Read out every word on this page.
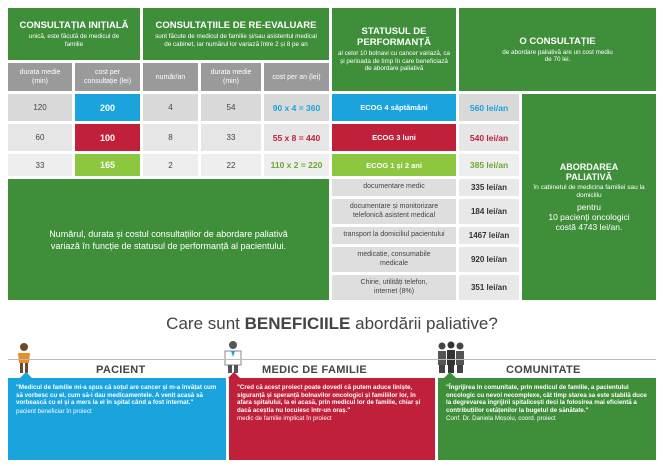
CONSULTAȚIA INIȚIALĂ
unică, este făcută de medicul de familie
CONSULTAȚIILE DE RE-EVALUARE
sunt făcute de medicul de familie și/sau asistentul medical de cabinet, iar numărul lor variază între 2 și 8 pe an
STATUSUL DE PERFORMANȚĂ
al celor 10 bolnavi cu cancer variază, ca și perioada de timp în care beneficiază de abordare paliativă
O CONSULTAȚIE
de abordare paliativă are un cost mediu de 70 lei.
durata medie (min)
cost per consultație (lei)
număr/an
durata medie (min)
cost per an (lei)
120	200	4	54	90 x 4 = 360	ECOG 4 săptămâni	560 lei/an
60	100	8	33	55 x 8 = 440	ECOG 3 luni	540 lei/an
33	165	2	22	110 x 2 = 220	ECOG 1 și 2 ani	385 lei/an
Numărul, durata și costul consultațiilor de abordare paliativă variază în funcție de statusul de performanță al pacientului.
documentare medic	335 lei/an
documentare și monitorizare telefonică asistent medical	184 lei/an
transport la domiciliul pacientului	1467 lei/an
medicatie, consumabile medicale	920 lei/an
Chirie, utilități telefon, internet (8%)	351 lei/an
ABORDAREA PALIATIVĂ
în cabinetul de medicina familiei sau la domiciliu
pentru
10 pacienți oncologici
costă 4743 lei/an.
Care sunt BENEFICIILE abordării paliative?
PACIENT	MEDIC DE FAMILIE	COMUNITATE
"Medicul de familie mi-a spus că soțul are cancer și m-a învățat cum să vorbesc cu el, cum să-i dau medicamentele. A venit acasă să vorbească cu el și a mers la el în spital când a fost internat."
pacient beneficiar în proiect
"Cred că acest proiect poate dovedi că putem aduce liniște, siguranță și speranță bolnavilor oncologici și familiilor lor, în afara spitalului, la ei acasă, prin medicul lor de familie, chiar și dacă aceștia nu locuiesc într-un oraș."
medic de familie implicat în proiect
"Îngrijirea în comunitate, prin medicul de familie, a pacientului oncologic cu nevoi necomplexe, cât timp starea sa este stabilă duce la degrevarea îngrijirii spitalicești deci la folosirea mai eficientă a contribuțiilor cetățenilor la bugetul de sănătate."
Conf. Dr. Daniela Moșoiu, coord. proiect
